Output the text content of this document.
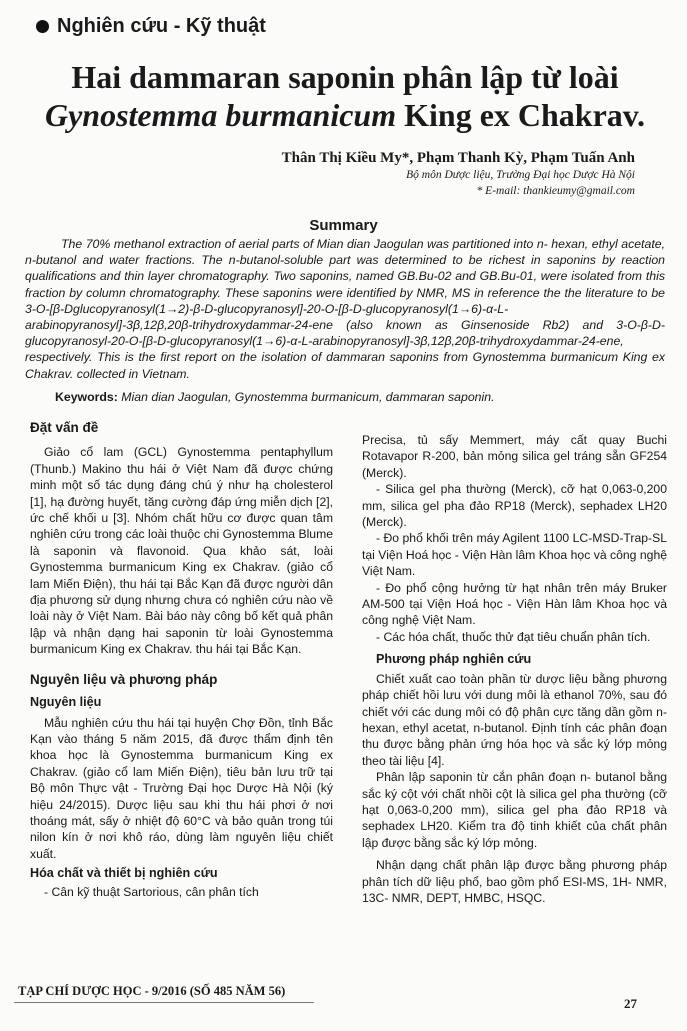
Nghiên cứu - Kỹ thuật
Hai dammaran saponin phân lập từ loài
Gynostemma burmanicum King ex Chakrav.
Thân Thị Kiều My*, Phạm Thanh Kỳ, Phạm Tuấn Anh
Bộ môn Dược liệu, Trường Đại học Dược Hà Nội
* E-mail: thankieumy@gmail.com
Summary

The 70% methanol extraction of aerial parts of Mian dian Jaogulan was partitioned into n- hexan, ethyl acetate, n-butanol and water fractions. The n-butanol-soluble part was determined to be richest in saponins by reaction qualifications and thin layer chromatography. Two saponins, named GB.Bu-02 and GB.Bu-01, were isolated from this fraction by column chromatography. These saponins were identified by NMR, MS in reference the the literature to be 3-O-[β-Dglucopyranosyl(1→2)-β-D-glucopyranosyl]-20-O-[β-D-glucopyranosyl(1→6)-α-L-arabinopyranosyl]-3β,12β,20β-trihydroxydammar-24-ene (also known as Ginsenoside Rb2) and 3-O-β-D-glucopyranosyl-20-O-[β-D-glucopyranosyl(1→6)-α-L-arabinopyranosyl]-3β,12β,20β-trihydroxydammar-24-ene, respectively. This is the first report on the isolation of dammaran saponins from Gynostemma burmanicum King ex Chakrav. collected in Vietnam.

Keywords: Mian dian Jaogulan, Gynostemma burmanicum, dammaran saponin.
Đặt vấn đề

Giảo cổ lam (GCL) Gynostemma pentaphyllum (Thunb.) Makino thu hái ở Việt Nam đã được chứng minh một số tác dụng đáng chú ý như hạ cholesterol [1], hạ đường huyết, tăng cường đáp ứng miễn dịch [2], ức chế khối u [3]. Nhóm chất hữu cơ được quan tâm nghiên cứu trong các loài thuộc chi Gynostemma Blume là saponin và flavonoid. Qua khảo sát, loài Gynostemma burmanicum King ex Chakrav. (giảo cổ lam Miến Điện), thu hái tại Bắc Kạn đã được người dân địa phương sử dụng nhưng chưa có nghiên cứu nào về loài này ở Việt Nam. Bài báo này công bố kết quả phân lập và nhận dạng hai saponin từ loài Gynostemma burmanicum King ex Chakrav. thu hái tại Bắc Kạn.

Nguyên liệu và phương pháp
Nguyên liệu

Mẫu nghiên cứu thu hái tại huyện Chợ Đồn, tỉnh Bắc Kạn vào tháng 5 năm 2015, đã được thẩm định tên khoa học là Gynostemma burmanicum King ex Chakrav. (giảo cổ lam Miến Điện), tiêu bản lưu trữ tại Bộ môn Thực vật - Trường Đại học Dược Hà Nội (ký hiệu 24/2015). Dược liệu sau khi thu hái phơi ở nơi thoáng mát, sấy ở nhiệt độ 60°C và bảo quản trong túi nilon kín ở nơi khô ráo, dùng làm nguyên liệu chiết xuất.

Hóa chất và thiết bị nghiên cứu

- Cân kỹ thuật Sartorious, cân phân tích

Precisa, tủ sấy Memmert, máy cất quay Buchi Rotavapor R-200, bản mỏng silica gel tráng sẵn GF254 (Merck).

- Silica gel pha thường (Merck), cỡ hạt 0,063-0,200 mm, silica gel pha đảo RP18 (Merck), sephadex LH20 (Merck).

- Đo phổ khối trên máy Agilent 1100 LC-MSD-Trap-SL tại Viện Hoá học - Viện Hàn lâm Khoa học và công nghệ Việt Nam.

- Đo phổ cộng hưởng từ hạt nhân trên máy Bruker AM-500 tại Viện Hoá học - Viện Hàn lâm Khoa học và công nghệ Việt Nam.

- Các hóa chất, thuốc thử đạt tiêu chuẩn phân tích.

Phương pháp nghiên cứu

Chiết xuất cao toàn phần từ dược liệu bằng phương pháp chiết hồi lưu với dung môi là ethanol 70%, sau đó chiết với các dung môi có độ phân cực tăng dần gồm n-hexan, ethyl acetat, n-butanol. Định tính các phân đoạn thu được bằng phản ứng hóa học và sắc ký lớp mỏng theo tài liệu [4].

Phân lập saponin từ cắn phân đoạn n- butanol bằng sắc ký cột với chất nhồi cột là silica gel pha thường (cỡ hạt 0,063-0,200 mm), silica gel pha đảo RP18 và sephadex LH20. Kiểm tra độ tinh khiết của chất phân lập được bằng sắc ký lớp mỏng.

Nhận dạng chất phân lập được bằng phương pháp phân tích dữ liệu phổ, bao gồm phổ ESI-MS, 1H- NMR, 13C- NMR, DEPT, HMBC, HSQC.

TẠP CHÍ DƯỢC HỌC - 9/2016 (SỐ 485 NĂM 56)
27
